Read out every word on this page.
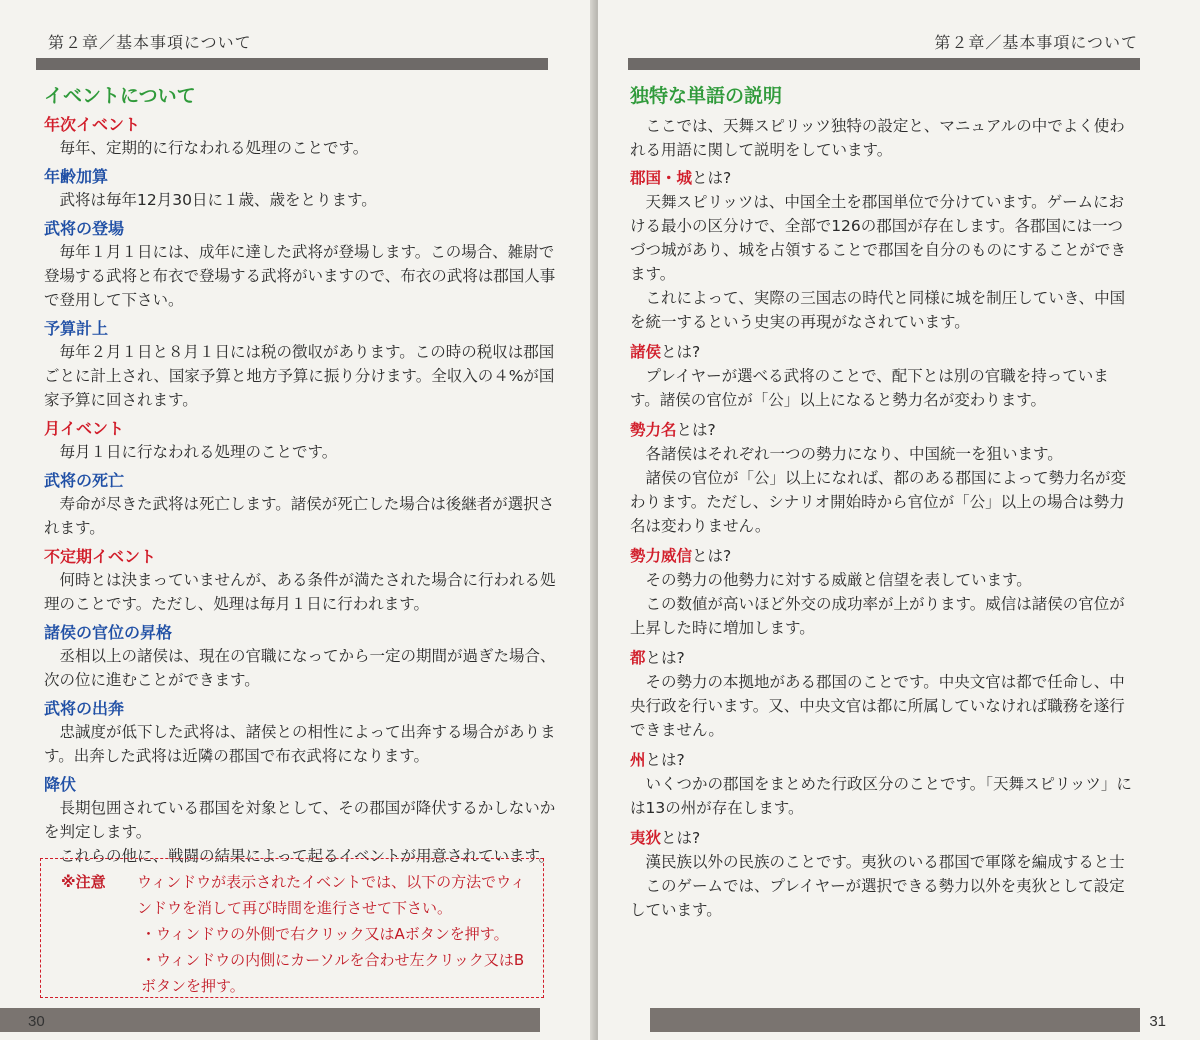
第２章／基本事項について
イベントについて
年次イベント

毎年、定期的に行なわれる処理のことです。

年齢加算

武将は毎年12月30日に１歳、歳をとります。

武将の登場

毎年１月１日には、成年に達した武将が登場します。この場合、雑尉で登場する武将と布衣で登場する武将がいますので、布衣の武将は郡国人事で登用して下さい。

予算計上

毎年２月１日と８月１日には税の徴収があります。この時の税収は郡国ごとに計上され、国家予算と地方予算に振り分けます。全収入の４%が国家予算に回されます。

月イベント

毎月１日に行なわれる処理のことです。

武将の死亡

寿命が尽きた武将は死亡します。諸侯が死亡した場合は後継者が選択されます。

不定期イベント

何時とは決まっていませんが、ある条件が満たされた場合に行われる処理のことです。ただし、処理は毎月１日に行われます。

諸侯の官位の昇格

丞相以上の諸侯は、現在の官職になってから一定の期間が過ぎた場合、次の位に進むことができます。

武将の出奔

忠誠度が低下した武将は、諸侯との相性によって出奔する場合があります。出奔した武将は近隣の郡国で布衣武将になります。

降伏

長期包囲されている郡国を対象として、その郡国が降伏するかしないかを判定します。

これらの他に、戦闘の結果によって起るイベントが用意されています。

※注意	ウィンドウが表示されたイベントでは、以下の方法でウィンドウを消して再び時間を進行させて下さい。
・ウィンドウの外側で右クリック又はAボタンを押す。
・ウィンドウの内側にカーソルを合わせ左クリック又はBボタンを押す。
30
第２章／基本事項について
独特な単語の説明

ここでは、天舞スピリッツ独特の設定と、マニュアルの中でよく使われる用語に関して説明をしています。

郡国・城とは?

天舞スピリッツは、中国全土を郡国単位で分けています。ゲームにおける最小の区分けで、全部で126の郡国が存在します。各郡国には一つづつ城があり、城を占領することで郡国を自分のものにすることができます。

これによって、実際の三国志の時代と同様に城を制圧していき、中国を統一するという史実の再現がなされています。

諸侯とは?

プレイヤーが選べる武将のことで、配下とは別の官職を持っています。諸侯の官位が「公」以上になると勢力名が変わります。

勢力名とは?

各諸侯はそれぞれ一つの勢力になり、中国統一を狙います。

諸侯の官位が「公」以上になれば、都のある郡国によって勢力名が変わります。ただし、シナリオ開始時から官位が「公」以上の場合は勢力名は変わりません。

勢力威信とは?

その勢力の他勢力に対する威厳と信望を表しています。

この数値が高いほど外交の成功率が上がります。威信は諸侯の官位が上昇した時に増加します。

都とは?

その勢力の本拠地がある郡国のことです。中央文官は都で任命し、中央行政を行います。又、中央文官は都に所属していなければ職務を遂行できません。

州とは?

いくつかの郡国をまとめた行政区分のことです。「天舞スピリッツ」には13の州が存在します。

夷狄とは?

漢民族以外の民族のことです。夷狄のいる郡国で軍隊を編成すると士

このゲームでは、プレイヤーが選択できる勢力以外を夷狄として設定しています。

31
